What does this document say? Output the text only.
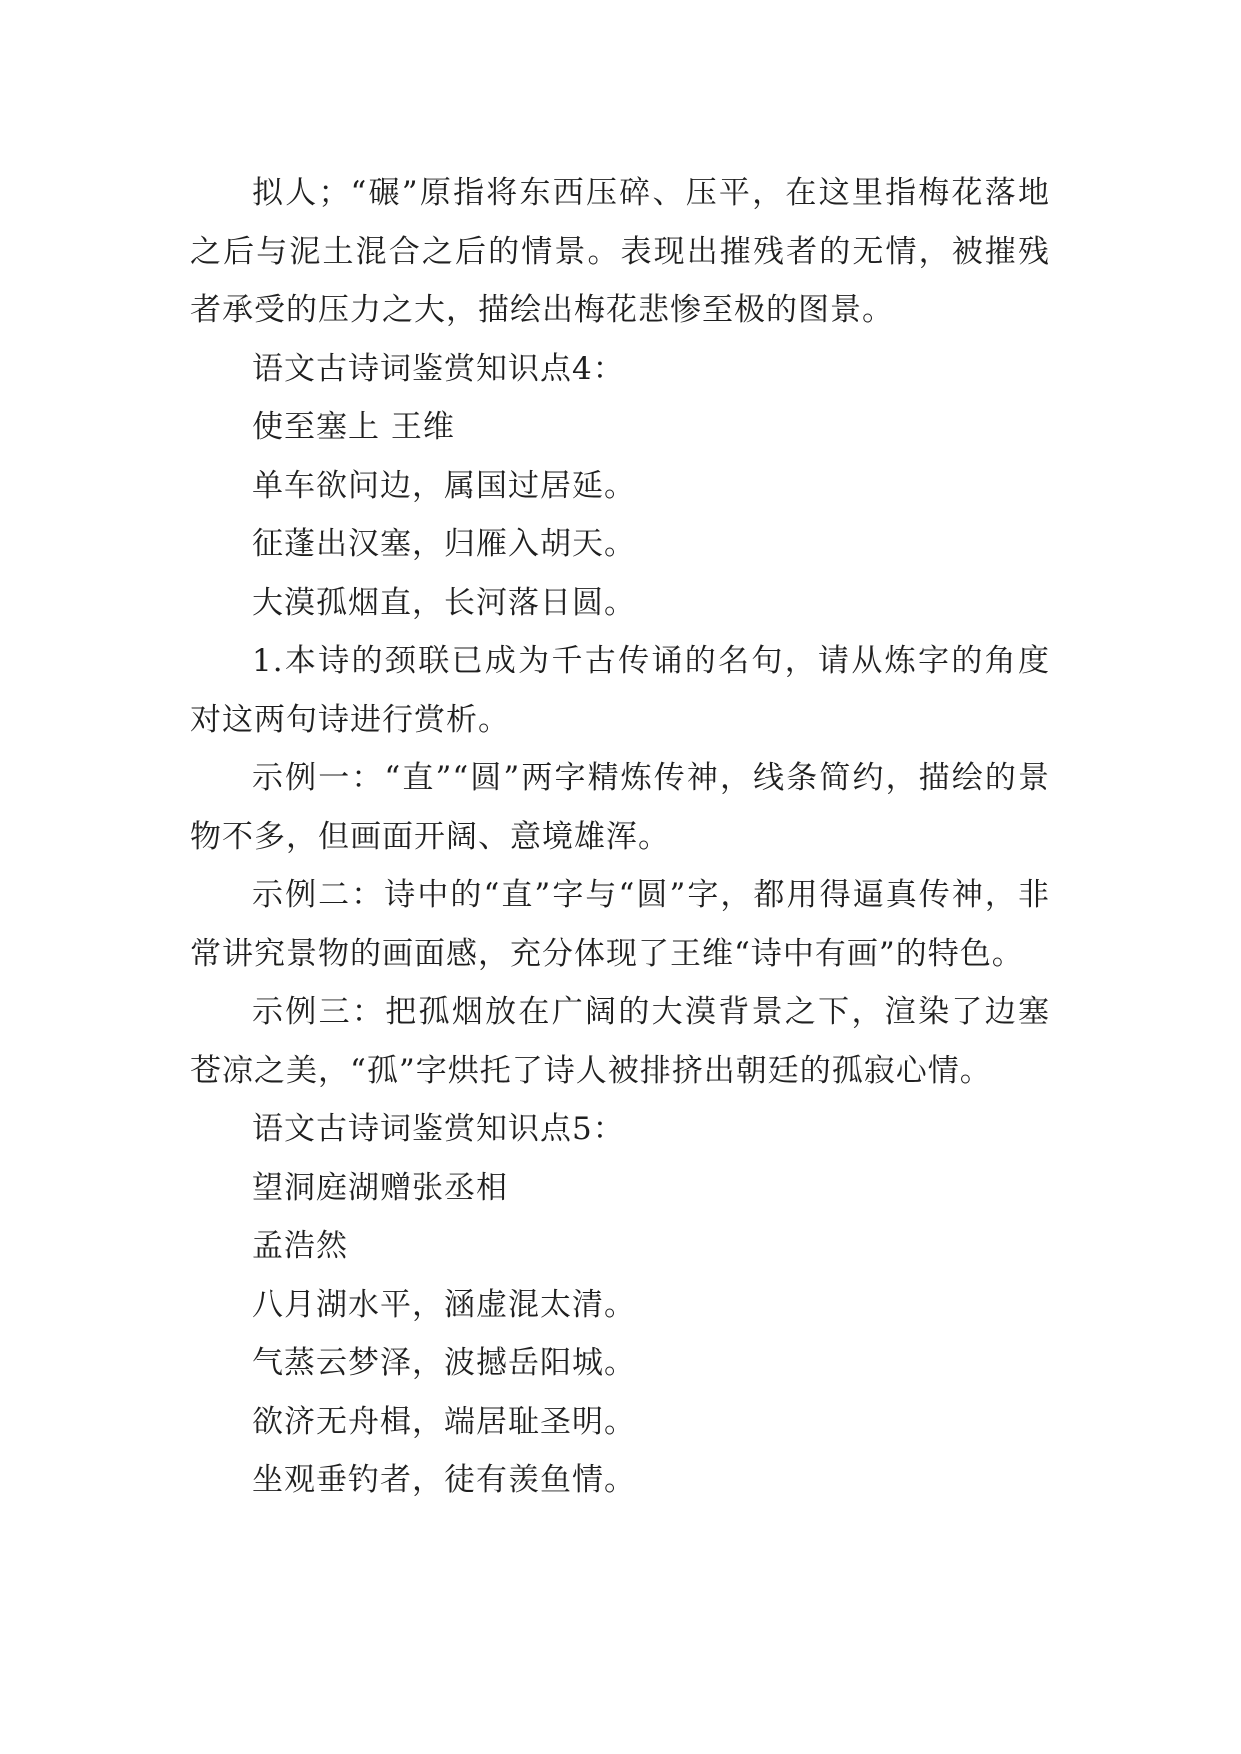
拟人；“碾”原指将东西压碎、压平，在这里指梅花落地之后与泥土混合之后的情景。表现出摧残者的无情，被摧残者承受的压力之大，描绘出梅花悲惨至极的图景。

语文古诗词鉴赏知识点4：

使至塞上 王维

单车欲问边，属国过居延。

征蓬出汉塞，归雁入胡天。

大漠孤烟直，长河落日圆。

1.本诗的颈联已成为千古传诵的名句，请从炼字的角度对这两句诗进行赏析。

示例一：“直”“圆”两字精炼传神，线条简约，描绘的景物不多，但画面开阔、意境雄浑。

示例二：诗中的“直”字与“圆”字，都用得逼真传神，非常讲究景物的画面感，充分体现了王维“诗中有画”的特色。

示例三：把孤烟放在广阔的大漠背景之下，渲染了边塞苍凉之美，“孤”字烘托了诗人被排挤出朝廷的孤寂心情。

语文古诗词鉴赏知识点5：

望洞庭湖赠张丞相

孟浩然

八月湖水平，涵虚混太清。

气蒸云梦泽，波撼岳阳城。

欲济无舟楫，端居耻圣明。

坐观垂钓者，徒有羡鱼情。
